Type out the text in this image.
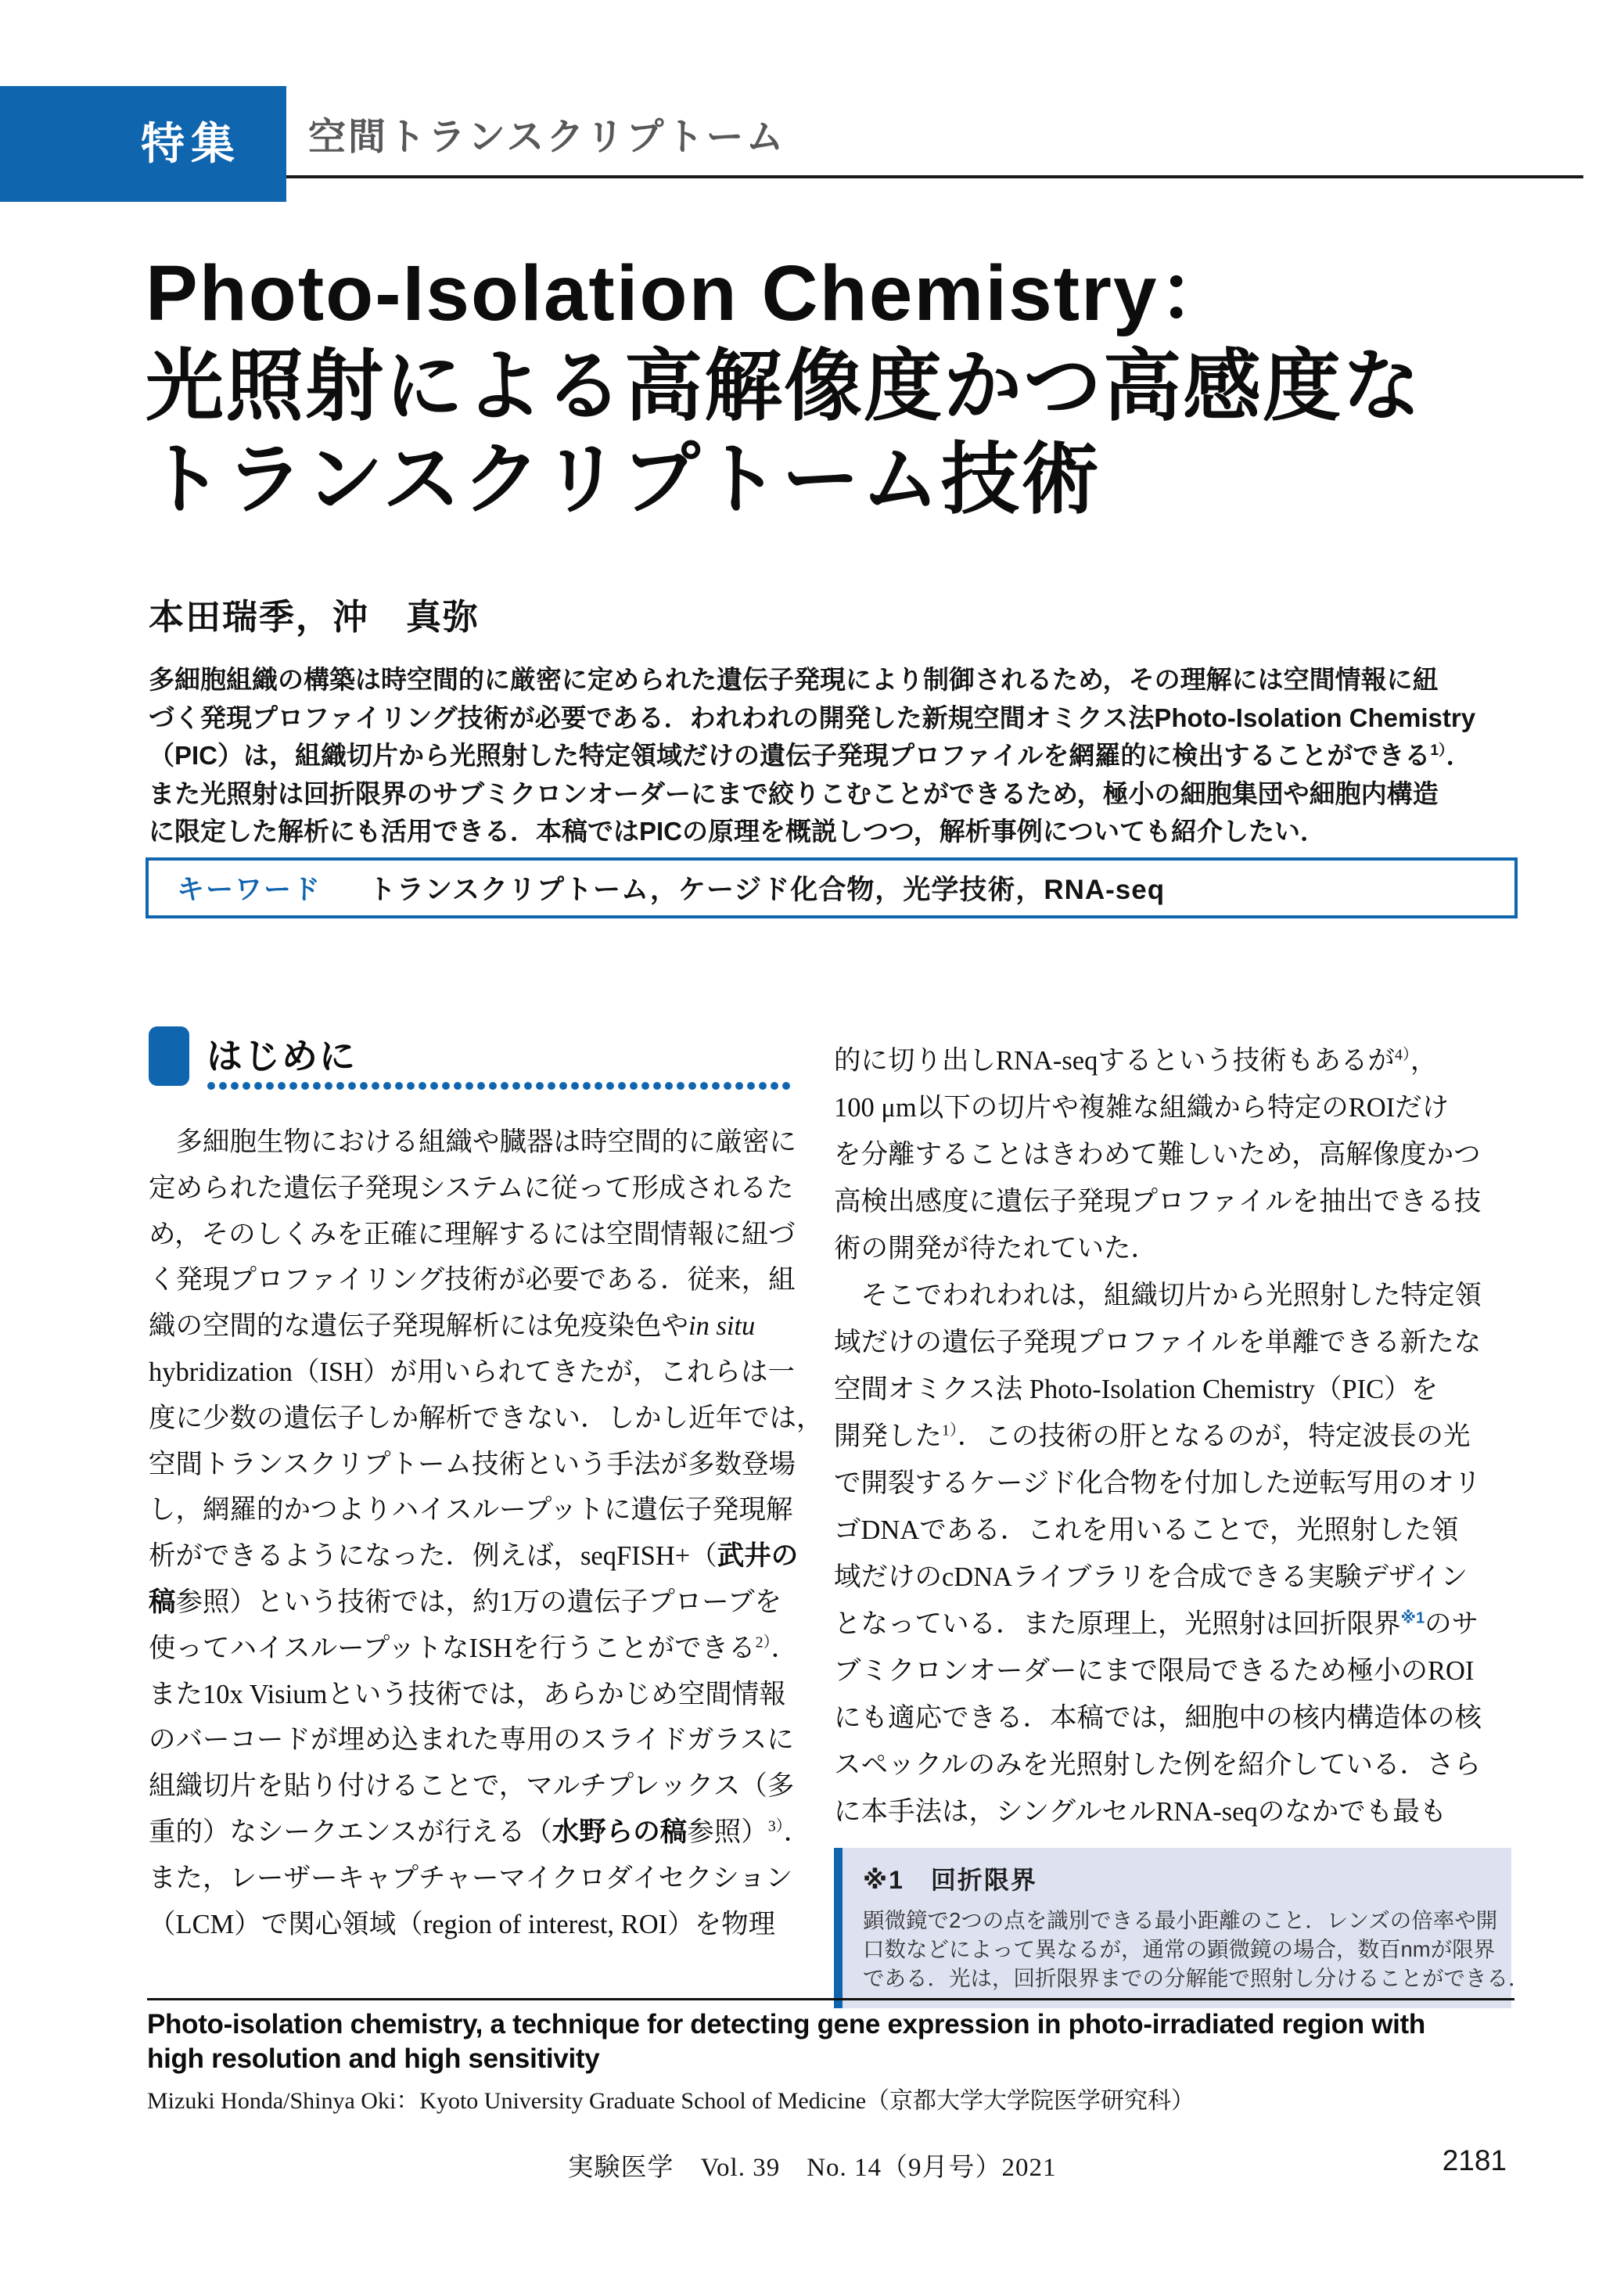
特集	空間トランスクリプトーム
Photo-Isolation Chemistry：
光照射による高解像度かつ高感度な
トランスクリプトーム技術
本田瑞季，沖　真弥
多細胞組織の構築は時空間的に厳密に定められた遺伝子発現により制御されるため，その理解には空間情報に紐
づく発現プロファイリング技術が必要である．われわれの開発した新規空間オミクス法Photo-Isolation Chemistry
（PIC）は，組織切片から光照射した特定領域だけの遺伝子発現プロファイルを網羅的に検出することができる$^{1)}$．
また光照射は回折限界のサブミクロンオーダーにまで絞りこむことができるため，極小の細胞集団や細胞内構造
に限定した解析にも活用できる．本稿ではPICの原理を概説しつつ，解析事例についても紹介したい．
キーワード トランスクリプトーム，ケージド化合物，光学技術，RNA-seq
はじめに
　多細胞生物における組織や臓器は時空間的に厳密に
定められた遺伝子発現システムに従って形成されるた
め，そのしくみを正確に理解するには空間情報に紐づ
く発現プロファイリング技術が必要である．従来，組
織の空間的な遺伝子発現解析には免疫染色やin situ
hybridization（ISH）が用いられてきたが，これらは一
度に少数の遺伝子しか解析できない．しかし近年では，
空間トランスクリプトーム技術という手法が多数登場
し，網羅的かつよりハイスループットに遺伝子発現解
析ができるようになった．例えば，seqFISH+（武井の
稿参照）という技術では，約1万の遺伝子プローブを
使ってハイスループットなISHを行うことができる$^{2)}$．
また10x Visiumという技術では，あらかじめ空間情報
のバーコードが埋め込まれた専用のスライドガラスに
組織切片を貼り付けることで，マルチプレックス（多
重的）なシークエンスが行える（水野らの稿参照）$^{3)}$．
また，レーザーキャプチャーマイクロダイセクション
（LCM）で関心領域（region of interest, ROI）を物理
的に切り出しRNA-seqするという技術もあるが$^{4)}$，
100 μm以下の切片や複雑な組織から特定のROIだけ
を分離することはきわめて難しいため，高解像度かつ
高検出感度に遺伝子発現プロファイルを抽出できる技
術の開発が待たれていた．
　そこでわれわれは，組織切片から光照射した特定領
域だけの遺伝子発現プロファイルを単離できる新たな
空間オミクス法 Photo-Isolation Chemistry（PIC）を
開発した$^{1)}$．この技術の肝となるのが，特定波長の光
で開裂するケージド化合物を付加した逆転写用のオリ
ゴDNAである．これを用いることで，光照射した領
域だけのcDNAライブラリを合成できる実験デザイン
となっている．また原理上，光照射は回折限界$^{※1}$のサ
ブミクロンオーダーにまで限局できるため極小のROI
にも適応できる．本稿では，細胞中の核内構造体の核
スペックルのみを光照射した例を紹介している．さら
に本手法は，シングルセルRNA-seqのなかでも最も
※1　回折限界
顕微鏡で2つの点を識別できる最小距離のこと．レンズの倍率や開
口数などによって異なるが，通常の顕微鏡の場合，数百nmが限界
である．光は，回折限界までの分解能で照射し分けることができる．
Photo-isolation chemistry, a technique for detecting gene expression in photo-irradiated region with
high resolution and high sensitivity
Mizuki Honda/Shinya Oki：Kyoto University Graduate School of Medicine（京都大学大学院医学研究科）
実験医学　Vol. 39　No. 14（9月号）2021	2181
